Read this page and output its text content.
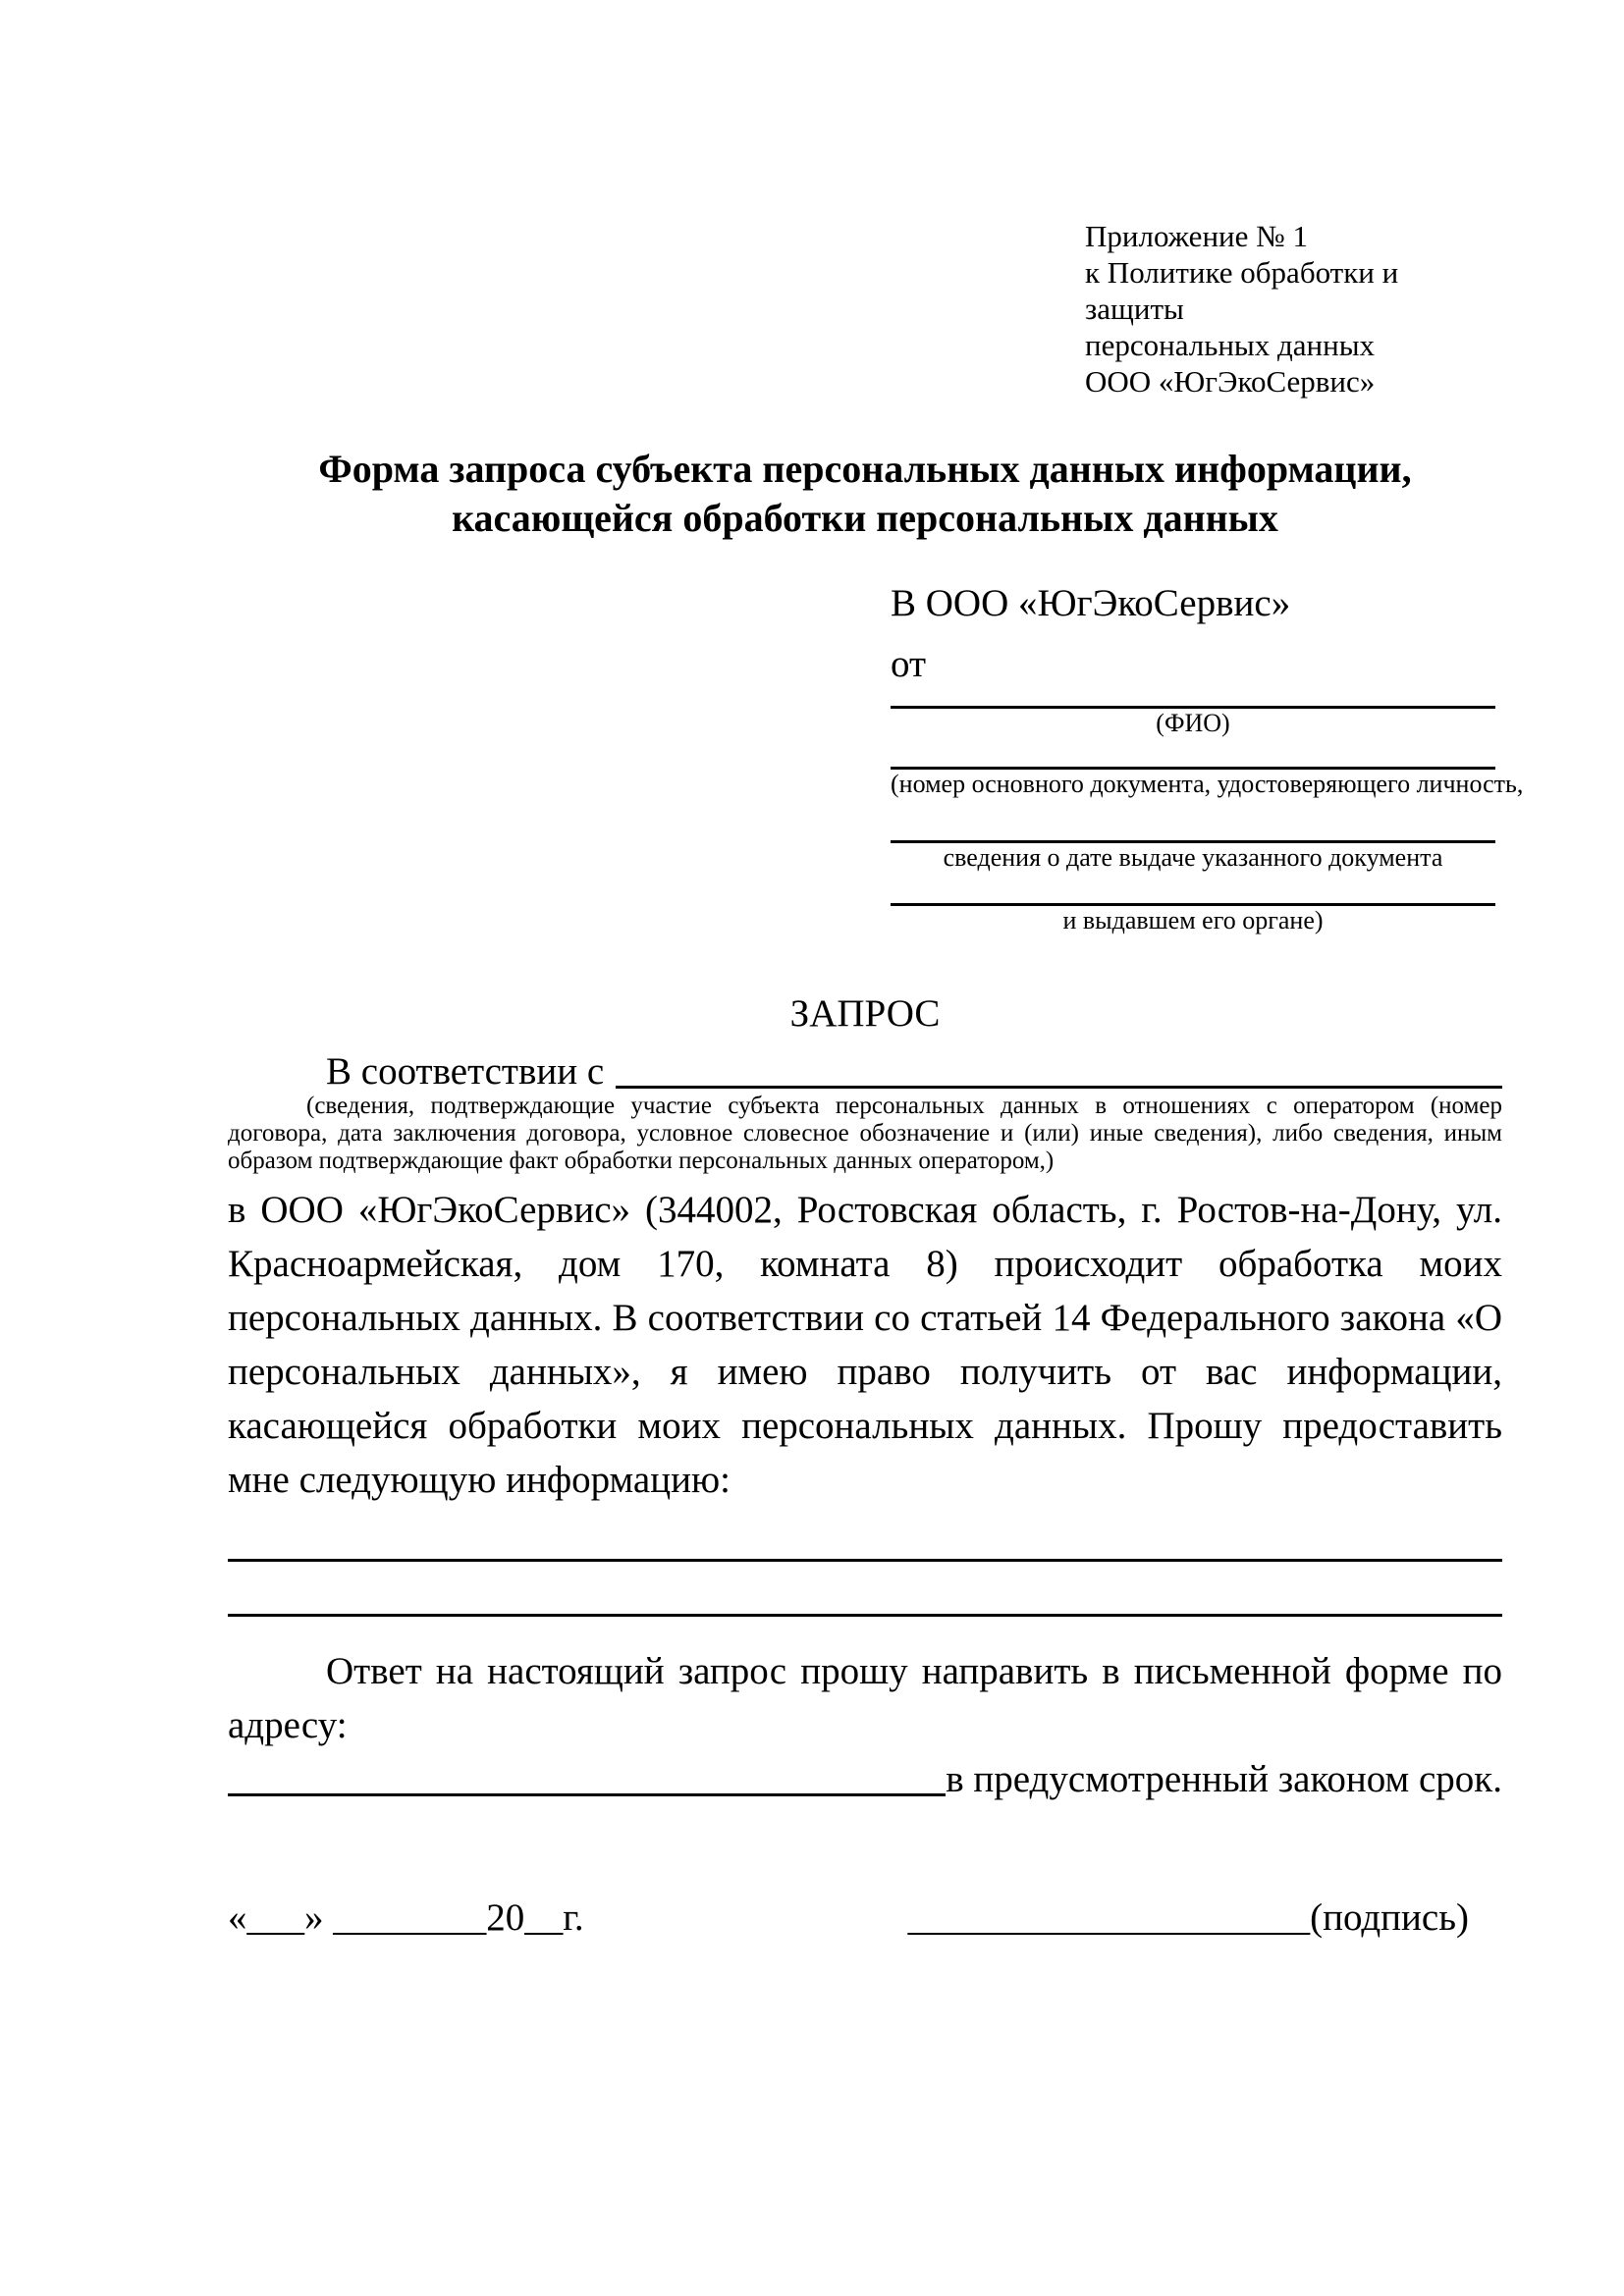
Приложение № 1
к Политике обработки и защиты
персональных данных
ООО «ЮгЭкоСервис»
Форма запроса субъекта персональных данных информации,
касающейся обработки персональных данных
В ООО «ЮгЭкоСервис»
от
(ФИО)
(номер основного документа, удостоверяющего личность,
сведения о дате выдаче указанного документа
и выдавшем его органе)
ЗАПРОС
В соответствии с
(сведения, подтверждающие участие субъекта персональных данных в отношениях с оператором (номер договора, дата заключения договора, условное словесное обозначение и (или) иные сведения), либо сведения, иным образом подтверждающие факт обработки персональных данных оператором,)
в ООО «ЮгЭкоСервис» (344002, Ростовская область, г. Ростов-на-Дону, ул. Красноармейская, дом 170, комната 8) происходит обработка моих персональных данных. В соответствии со статьей 14 Федерального закона «О персональных данных», я имею право получить от вас информации, касающейся обработки моих персональных данных. Прошу предоставить мне следующую информацию:
Ответ на настоящий запрос прошу направить в письменной форме по адресу:
в предусмотренный законом срок.
«___» ________20__г.	_____________________(подпись)
